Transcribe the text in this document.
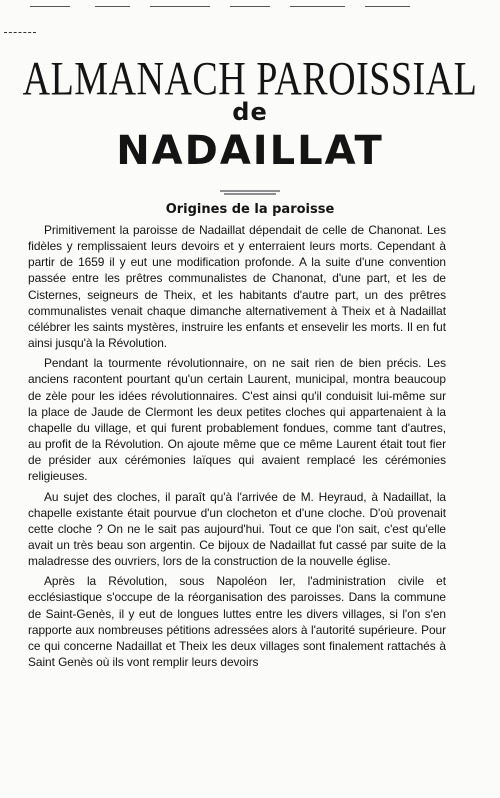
ALMANACH PAROISSIAL
de
NADAILLAT
Origines de la paroisse

Primitivement la paroisse de Nadaillat dépendait de celle de Chanonat. Les fidèles y remplissaient leurs devoirs et y enterraient leurs morts. Cependant à partir de 1659 il y eut une modification profonde. A la suite d'une convention passée entre les prêtres communalistes de Chanonat, d'une part, et les de Cisternes, seigneurs de Theix, et les habitants d'autre part, un des prêtres communalistes venait chaque dimanche alternativement à Theix et à Nadaillat célébrer les saints mystères, instruire les enfants et ensevelir les morts. Il en fut ainsi jusqu'à la Révolution.

Pendant la tourmente révolutionnaire, on ne sait rien de bien précis. Les anciens racontent pourtant qu'un certain Laurent, municipal, montra beaucoup de zèle pour les idées révolutionnaires. C'est ainsi qu'il conduisit lui-même sur la place de Jaude de Clermont les deux petites cloches qui appartenaient à la chapelle du village, et qui furent probablement fondues, comme tant d'autres, au profit de la Révolution. On ajoute même que ce même Laurent était tout fier de présider aux cérémonies laïques qui avaient remplacé les cérémonies religieuses.

Au sujet des cloches, il paraît qu'à l'arrivée de M. Heyraud, à Nadaillat, la chapelle existante était pourvue d'un clocheton et d'une cloche. D'où provenait cette cloche ? On ne le sait pas aujourd'hui. Tout ce que l'on sait, c'est qu'elle avait un très beau son argentin. Ce bijoux de Nadaillat fut cassé par suite de la maladresse des ouvriers, lors de la construction de la nouvelle église.

Après la Révolution, sous Napoléon Ier, l'administration civile et ecclésiastique s'occupe de la réorganisation des paroisses. Dans la commune de Saint-Genès, il y eut de longues luttes entre les divers villages, si l'on s'en rapporte aux nombreuses pétitions adressées alors à l'autorité supérieure. Pour ce qui concerne Nadaillat et Theix les deux villages sont finalement rattachés à Saint Genès où ils vont remplir leurs devoirs
